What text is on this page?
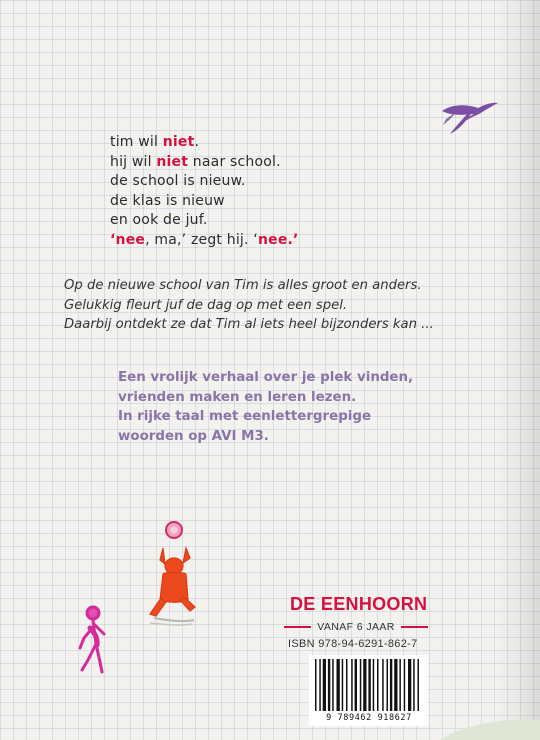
tim wil niet.
hij wil niet naar school.
de school is nieuw.
de klas is nieuw
en ook de juf.
‘nee, ma,’ zegt hij. ‘nee.’
Op de nieuwe school van Tim is alles groot en anders.
Gelukkig fleurt juf de dag op met een spel.
Daarbij ontdekt ze dat Tim al iets heel bijzonders kan ...
Een vrolijk verhaal over je plek vinden,
vrienden maken en leren lezen.
In rijke taal met eenlettergrepige
woorden op AVI M3.
DE EENHOORN
VANAF 6 JAAR
ISBN 978-94-6291-862-7
9 789462 918627
